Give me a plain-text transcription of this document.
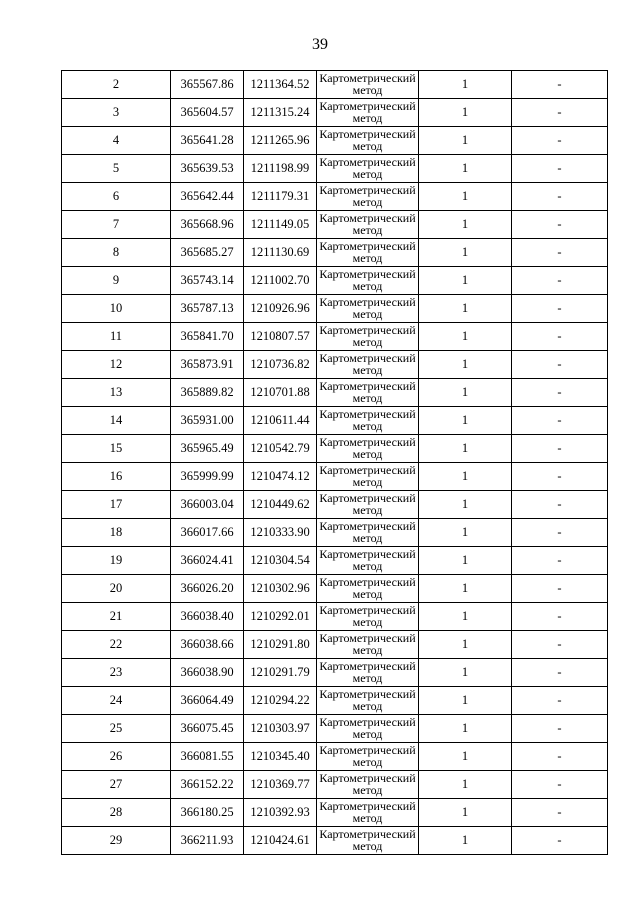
39
2	365567.86	1211364.52	Картометрический метод	1	-
3	365604.57	1211315.24	Картометрический метод	1	-
4	365641.28	1211265.96	Картометрический метод	1	-
5	365639.53	1211198.99	Картометрический метод	1	-
6	365642.44	1211179.31	Картометрический метод	1	-
7	365668.96	1211149.05	Картометрический метод	1	-
8	365685.27	1211130.69	Картометрический метод	1	-
9	365743.14	1211002.70	Картометрический метод	1	-
10	365787.13	1210926.96	Картометрический метод	1	-
11	365841.70	1210807.57	Картометрический метод	1	-
12	365873.91	1210736.82	Картометрический метод	1	-
13	365889.82	1210701.88	Картометрический метод	1	-
14	365931.00	1210611.44	Картометрический метод	1	-
15	365965.49	1210542.79	Картометрический метод	1	-
16	365999.99	1210474.12	Картометрический метод	1	-
17	366003.04	1210449.62	Картометрический метод	1	-
18	366017.66	1210333.90	Картометрический метод	1	-
19	366024.41	1210304.54	Картометрический метод	1	-
20	366026.20	1210302.96	Картометрический метод	1	-
21	366038.40	1210292.01	Картометрический метод	1	-
22	366038.66	1210291.80	Картометрический метод	1	-
23	366038.90	1210291.79	Картометрический метод	1	-
24	366064.49	1210294.22	Картометрический метод	1	-
25	366075.45	1210303.97	Картометрический метод	1	-
26	366081.55	1210345.40	Картометрический метод	1	-
27	366152.22	1210369.77	Картометрический метод	1	-
28	366180.25	1210392.93	Картометрический метод	1	-
29	366211.93	1210424.61	Картометрический метод	1	-
